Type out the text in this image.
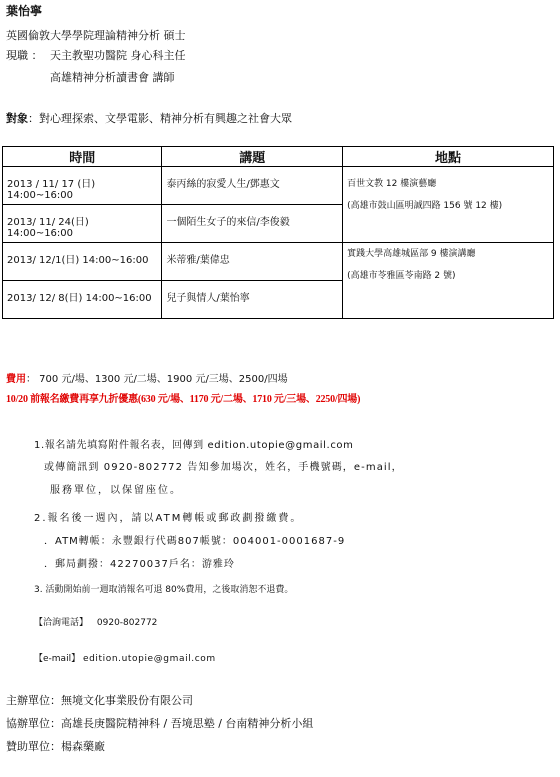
葉怡寧
英國倫敦大學學院理論精神分析 碩士
現職 ： 天主教聖功醫院 身心科主任
高雄精神分析讀書會 講師
對象：對心理探索、文學電影、精神分析有興趣之社會大眾
時間	講題	地點
2013 / 11/ 17 (日) 14:00~16:00	泰丙絲的寂愛人生/鄧惠文	百世文教 12 樓演藝廳
(高雄市鼓山區明誠四路 156 號 12 樓)

2013/ 11/ 24(日) 14:00~16:00	一個陌生女子的來信/李俊毅	
2013/ 12/1(日) 14:00~16:00	米蒂雅/葉偉忠	實踐大學高雄城區部 9 樓演講廳
(高雄市苓雅區苓南路 2 號)

2013/ 12/ 8(日) 14:00~16:00	兒子與情人/葉怡寧	
費用： 700 元/場、1300 元/二場、1900 元/三場、2500/四場
10/20 前報名繳費再享九折優惠(630 元/場、1170 元/二場、1710 元/三場、2250/四場)
1.報名請先填寫附件報名表，回傳到 edition.utopie@gmail.com
或傳簡訊到 0920-802772 告知參加場次，姓名，手機號碼，e-mail，
服務單位，以保留座位。
2.報名後一週內，請以ATM轉帳或郵政劃撥繳費。
．ATM轉帳：永豐銀行代碼807帳號：004001-0001687-9
．郵局劃撥：42270037戶名：游雅玲
3. 活動開始前一週取消報名可退 80%費用，之後取消恕不退費。
【洽詢電話】 0920-802772
【e-mail】 edition.utopie@gmail.com
主辦單位：無境文化事業股份有限公司
協辦單位：高雄長庚醫院精神科 / 吾境思塾 / 台南精神分析小組
贊助單位：楊森藥廠
